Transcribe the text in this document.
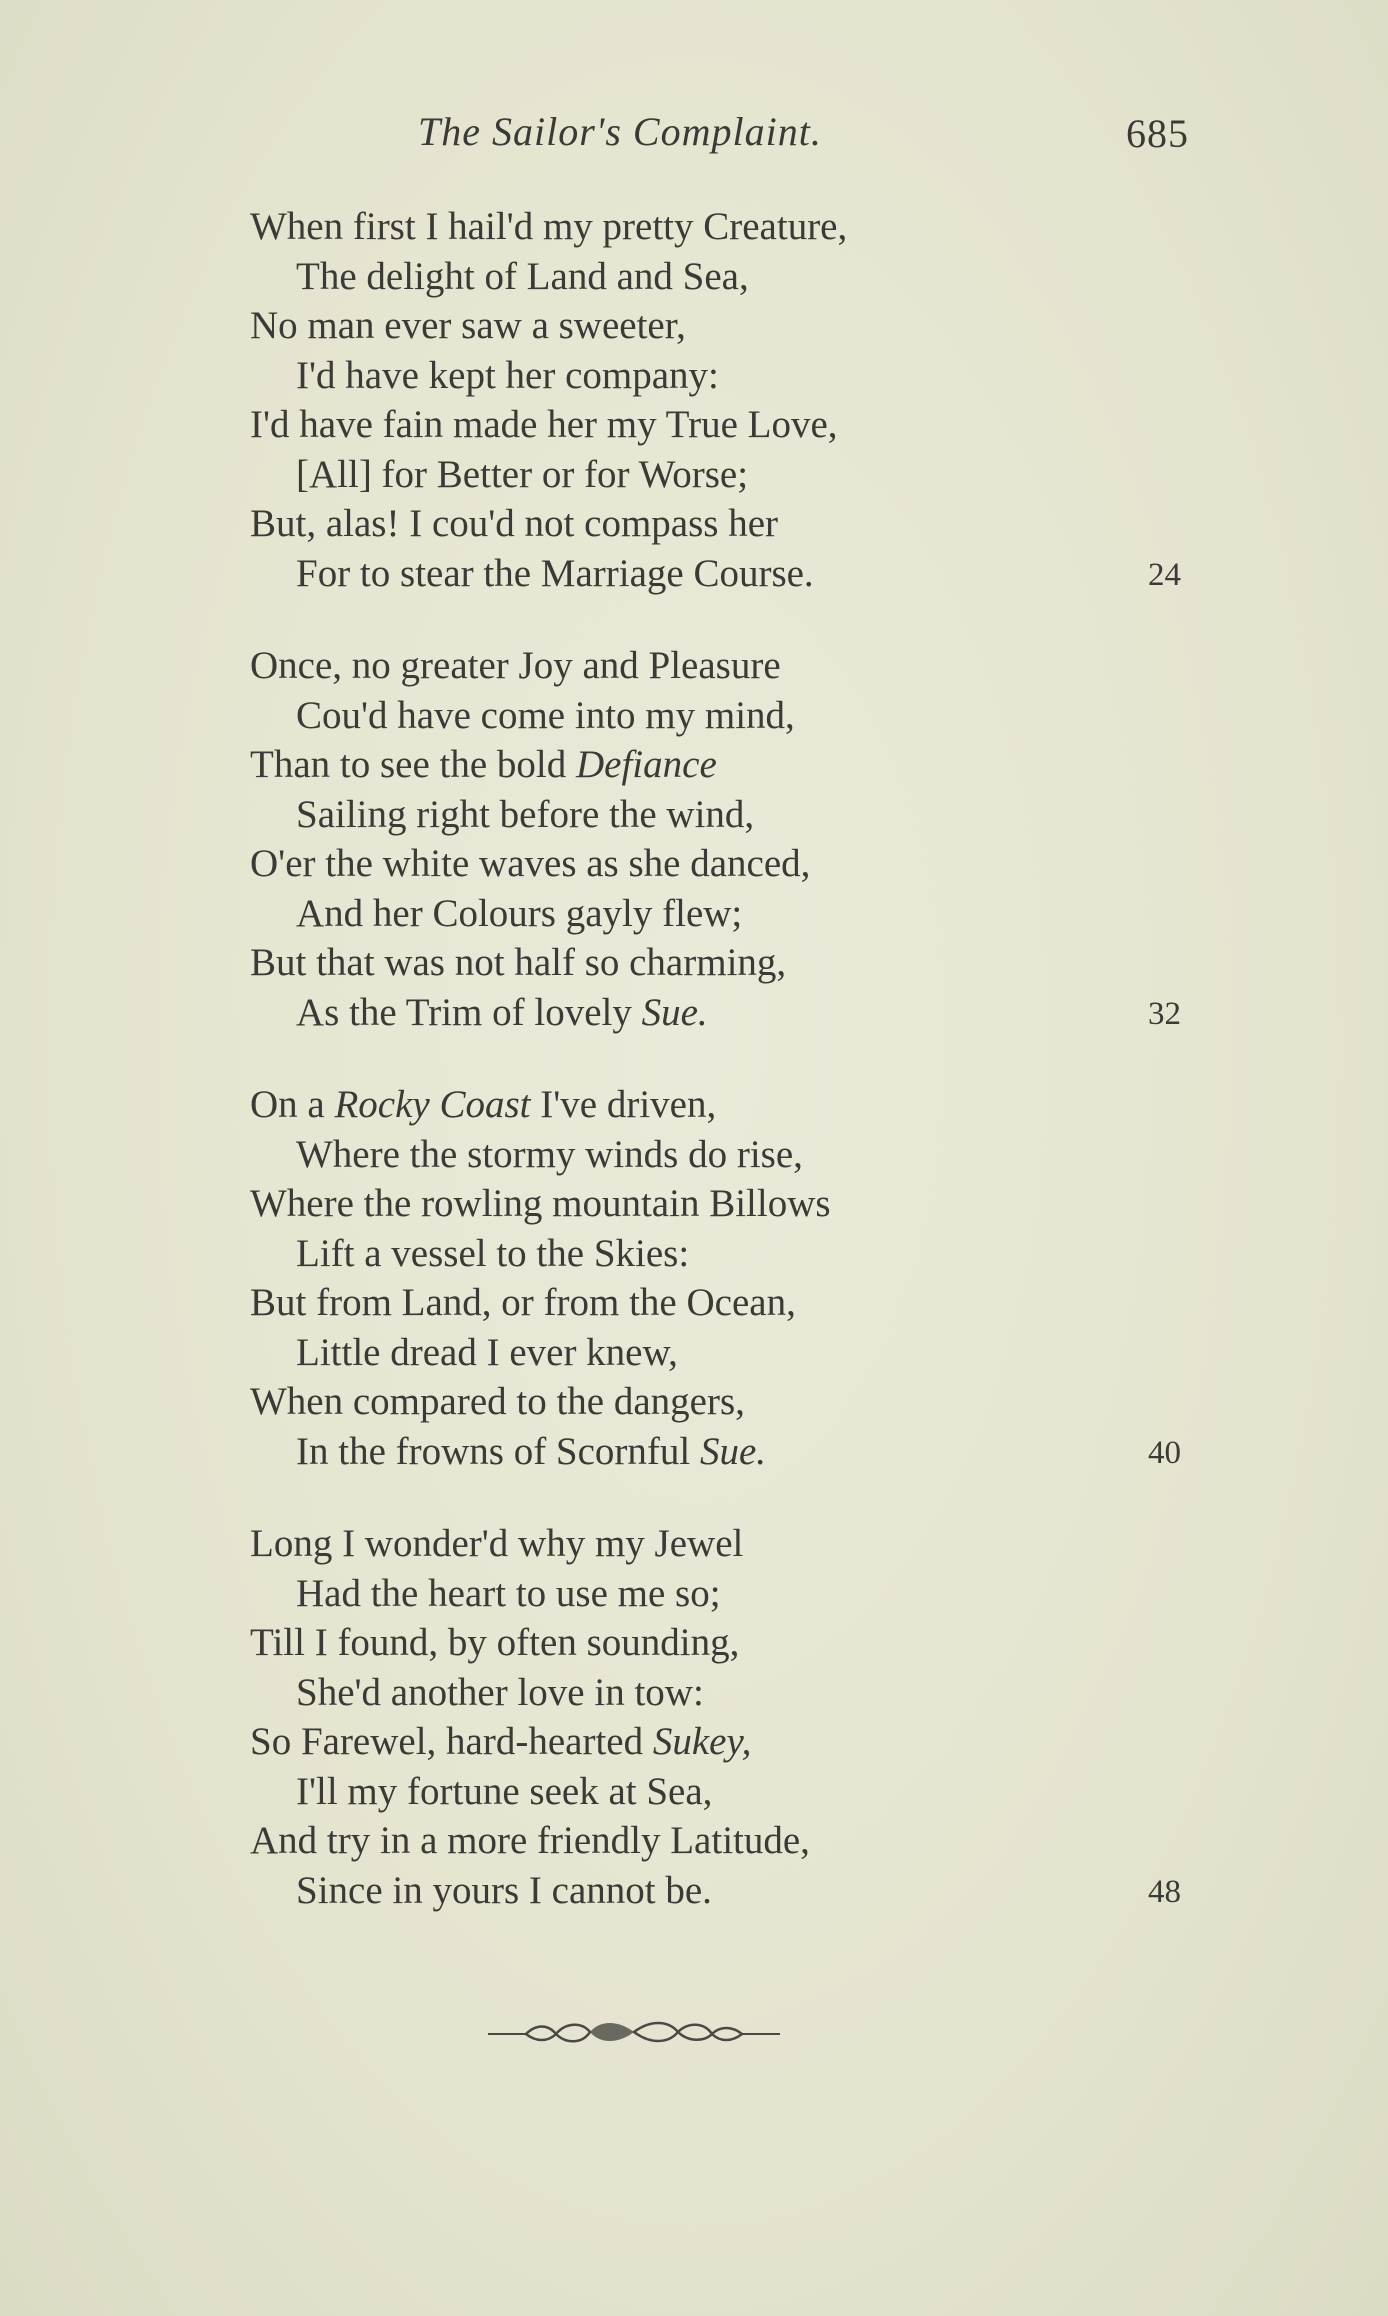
The Sailor's Complaint.	685
When first I hail'd my pretty Creature,
The delight of Land and Sea,
No man ever saw a sweeter,
I'd have kept her company:
I'd have fain made her my True Love,
[All] for Better or for Worse;
But, alas! I cou'd not compass her
For to stear the Marriage Course.	24
Once, no greater Joy and Pleasure
Cou'd have come into my mind,
Than to see the bold Defiance
Sailing right before the wind,
O'er the white waves as she danced,
And her Colours gayly flew;
But that was not half so charming,
As the Trim of lovely Sue.	32
On a Rocky Coast I've driven,
Where the stormy winds do rise,
Where the rowling mountain Billows
Lift a vessel to the Skies:
But from Land, or from the Ocean,
Little dread I ever knew,
When compared to the dangers,
In the frowns of Scornful Sue.	40
Long I wonder'd why my Jewel
Had the heart to use me so;
Till I found, by often sounding,
She'd another love in tow:
So Farewel, hard-hearted Sukey,
I'll my fortune seek at Sea,
And try in a more friendly Latitude,
Since in yours I cannot be.	48
